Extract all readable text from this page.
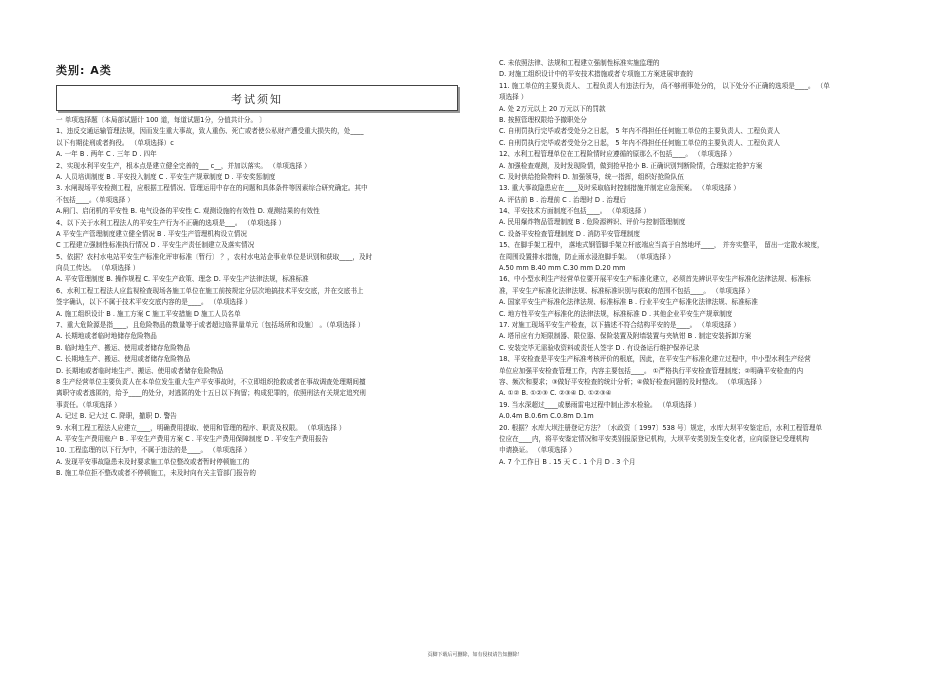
类别: A类
考试须知
一 单项选择题〔本局部试题计 100 道，每道试题1分，分值共计分。 〕
1、违反交通运输管理法规，因而发生重大事故，致人重伤、死亡或者使公私财产遭受重大损失的，处____
以下有期徒刑或者拘役。 （单项选择）c
A. 一年 B . 两年 C . 三年 D . 四年
2、实现水利平安生产，根本点是建立健全完善的___ c__，并加以落实。 （单项选择 ）
A. 人员培训制度 B . 平安投入制度 C . 平安生产规章制度 D . 平安奖惩制度
3. 水闸现场平安检测工程，应根据工程情况、管理运用中存在的问题和具体条件等因素综合研究确定。其中
不包括____。（单项选择 ）
A.闸门、启闭机的平安性 B. 电气设备的平安性 C. 观测设施的有效性 D. 观测结果的有效性
4、以下关于水利工程法人的平安生产行为不正确的选项是___。 （单项选择 ）
A 平安生产管理制度建立健全情况 B . 平安生产管理机构设立情况
C 工程建立强制性标准执行情况 D . 平安生产责任制建立及落实情况
5、依据？农村水电站平安生产标准化评审标准〔暂行〕 ？，农村水电站企事业单位是识别和获取____，及时
向员工传达。 （单项选择 ）
A. 平安管理制度 B. 操作规程 C. 平安生产政策、理念 D. 平安生产法律法规，标准标准
6、水利工程工程法人应监视检查现场各施工单位在施工前按规定分层次地搞技术平安交底，并在交底书上
签字确认，以下不属于技术平安交底内容的是____。 （单项选择 ）
A. 施工组织设计 B . 施工方案 C 施工平安措施 D 施工人员名单
7、重大危险源是指____，且危险物品的数量等于或者超过临界量单元〔包括场所和设施〕 。（单项选择 ）
A. 长期地或者临时地储存危险物品
B. 临时地生产、搬运、使用或者储存危险物品
C. 长期地生产、搬运、使用或者储存危险物品
D. 长期地或者临时地生产、搬运、使用或者储存危险物品
8 生产经营单位主要负责人在本单位发生重大生产平安事故时，不立即组织抢救或者在事故调查处理期间擅
离职守或者逃匿的，给予____的处分，对逃匿的处十五日以下拘留；构成犯罪的，依照刑法有关规定追究刑
事责任。（单项选择 ）
A. 记过 B. 记大过 C. 降职，撤职 D. 警告
9. 水利工程工程法人应建立____，明确费用提取、使用和管理的程序、职责及权限。 （单项选择 ）
A. 平安生产费用账户 B . 平安生产费用方案 C . 平安生产费用保障制度 D . 平安生产费用报告
10. 工程监理的以下行为中，不属于违法的是____。 （单项选择 ）
A. 发现平安事故隐患未及时要求施工单位整改或者暂时停顿施工的
B. 施工单位拒不整改或者不停顿施工，未及时向有关主管部门报告的
C. 未依照法律、法规和工程建立强制性标准实施监理的
D. 对施工组织设计中的平安技术措施或者专项施工方案进展审查的
11. 施工单位的主要负责人、 工程负责人有违法行为， 尚不够刑事处分的， 以下处分不正确的选项是____。 （单
项选择 ）
A. 处 2万元以上 20 万元以下的罚款
B. 按照管理权限给予撤职处分
C. 自刑罚执行完毕或者受处分之日起， 5 年内不得担任任何施工单位的主要负责人、工程负责人
C. 自刑罚执行完毕或者受处分之日起， 5 年内不得担任任何施工单位的主要负责人、工程负责人
12、水利工程管理单位在工程险情时应遵循的原那么不包括____。 （单项选择 ）
A. 加强检查观测，及时发现险情，做到抢早抢小 B. 正确识别判断险情，合理拟定抢护方案
C. 及时供给抢险物料 D. 加强领导，统一指挥，组织好抢险队伍
13. 重大事故隐患应在____及时采取临时控制措施并制定应急预案。 （单项选择 ）
A. 评估前 B . 治理前 C . 治理时 D . 治理后
14、平安技术方面制度不包括____。 （单项选择 ）
A. 民用爆炸物品管理制度 B . 危险源辨识、评价与控制管理制度
C. 设备平安检查管理制度 D . 消防平安管理制度
15、在脚手架工程中， 落地式钢管脚手架立杆底端应当高于自然地坪____， 并夯实整平， 留出一定散水坡度，
在周围设置排水措施，防止雨水浸泡脚手架。 （单项选择 ）
A.50 mm B.40 mm C.30 mm D.20 mm
16、中小型水利生产经营单位要开展平安生产标准化建立，必须首先辨识平安生产标准化法律法规、标准标
准，平安生产标准化法律法规、标准标准识别与获取的范围不包括____。 （单项选择 ）
A. 国家平安生产标准化法律法规、标准标准 B . 行业平安生产标准化法律法规、标准标准
C. 地方性平安生产标准化的法律法规，标准标准 D . 其他企业平安生产规章制度
17. 对施工现场平安生产检查，以下描述不符合结构平安的是____。 （单项选择 ）
A. 塔吊应有力矩限制器、限位器、保险装置及附墙装置与夹轨钳 B . 制定安装拆卸方案
C. 安装完毕无需验收资料或责任人签字 D . 有设备运行维护保养记录
18、平安检查是平安生产标准考核评价的根底，因此，在平安生产标准化建立过程中，中小型水利生产经营
单位应加强平安检查管理工作，内容主要包括____。 ①严格执行平安检查管理制度；②明确平安检查的内
容、频次和要求；③做好平安检查的统计分析；④做好检查问题的及时整改。 （单项选择 ）
A. ①② B. ①②③ C. ②③④ D. ①②③④
19. 当水深超过____或暴雨雷电过程中制止涉水检验。 （单项选择 ）
A.0.4m B.0.6m C.0.8m D.1m
20. 根据？水库大坝注册登记方法？〔水政资〔 1997〕538 号〕规定，水库大坝平安鉴定后，水利工程管理单
位应在____内，将平安鉴定情况和平安类别报原登记机构，大坝平安类别发生变化者，应向原登记受理机构
申请换证。 （单项选择 ）
A. 7 个工作日 B . 15 天 C . 1 个月 D . 3 个月
页脚下载后可删除，如有侵权请告知删除！
